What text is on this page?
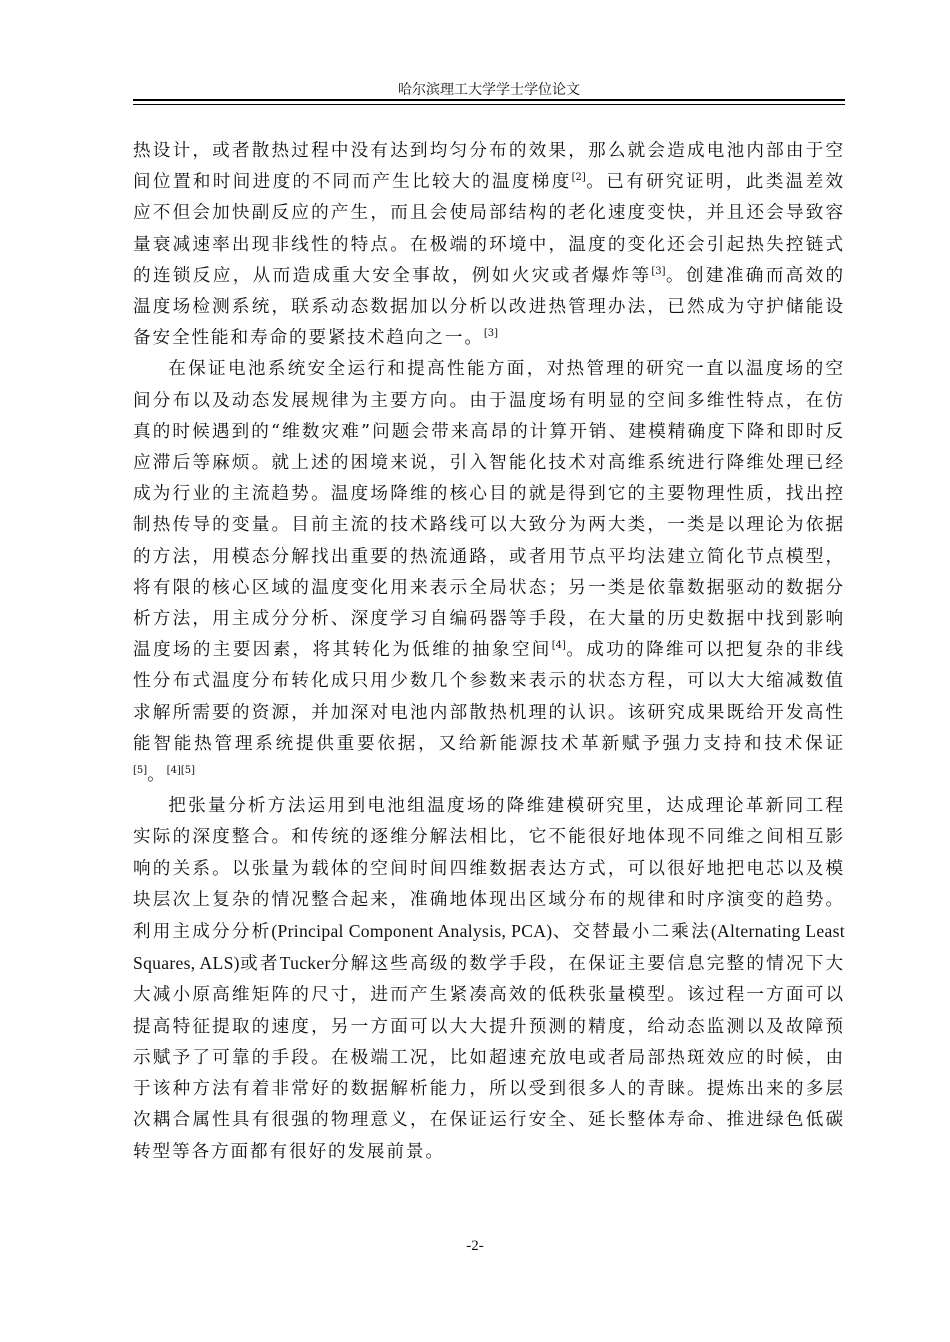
哈尔滨理工大学学士学位论文

热设计，或者散热过程中没有达到均匀分布的效果，那么就会造成电池内部由于空间位置和时间进度的不同而产生比较大的温度梯度[2]。已有研究证明，此类温差效应不但会加快副反应的产生，而且会使局部结构的老化速度变快，并且还会导致容量衰减速率出现非线性的特点。在极端的环境中，温度的变化还会引起热失控链式的连锁反应，从而造成重大安全事故，例如火灾或者爆炸等[3]。创建准确而高效的温度场检测系统，联系动态数据加以分析以改进热管理办法，已然成为守护储能设备安全性能和寿命的要紧技术趋向之一。[3]

在保证电池系统安全运行和提高性能方面，对热管理的研究一直以温度场的空间分布以及动态发展规律为主要方向。由于温度场有明显的空间多维性特点，在仿真的时候遇到的“维数灾难”问题会带来高昂的计算开销、建模精确度下降和即时反应滞后等麻烦。就上述的困境来说，引入智能化技术对高维系统进行降维处理已经成为行业的主流趋势。温度场降维的核心目的就是得到它的主要物理性质，找出控制热传导的变量。目前主流的技术路线可以大致分为两大类，一类是以理论为依据的方法，用模态分解找出重要的热流通路，或者用节点平均法建立简化节点模型，将有限的核心区域的温度变化用来表示全局状态；另一类是依靠数据驱动的数据分析方法，用主成分分析、深度学习自编码器等手段，在大量的历史数据中找到影响温度场的主要因素，将其转化为低维的抽象空间[4]。成功的降维可以把复杂的非线性分布式温度分布转化成只用少数几个参数来表示的状态方程，可以大大缩减数值求解所需要的资源，并加深对电池内部散热机理的认识。该研究成果既给开发高性能智能热管理系统提供重要依据，又给新能源技术革新赋予强力支持和技术保证[5]。[4][5]

把张量分析方法运用到电池组温度场的降维建模研究里，达成理论革新同工程实际的深度整合。和传统的逐维分解法相比，它不能很好地体现不同维之间相互影响的关系。以张量为载体的空间时间四维数据表达方式，可以很好地把电芯以及模块层次上复杂的情况整合起来，准确地体现出区域分布的规律和时序演变的趋势。利用主成分分析(Principal Component Analysis, PCA)、交替最小二乘法(Alternating Least Squares, ALS)或者Tucker分解这些高级的数学手段，在保证主要信息完整的情况下大大减小原高维矩阵的尺寸，进而产生紧凑高效的低秩张量模型。该过程一方面可以提高特征提取的速度，另一方面可以大大提升预测的精度，给动态监测以及故障预示赋予了可靠的手段。在极端工况，比如超速充放电或者局部热斑效应的时候，由于该种方法有着非常好的数据解析能力，所以受到很多人的青睐。提炼出来的多层次耦合属性具有很强的物理意义，在保证运行安全、延长整体寿命、推进绿色低碳转型等各方面都有很好的发展前景。

-2-
